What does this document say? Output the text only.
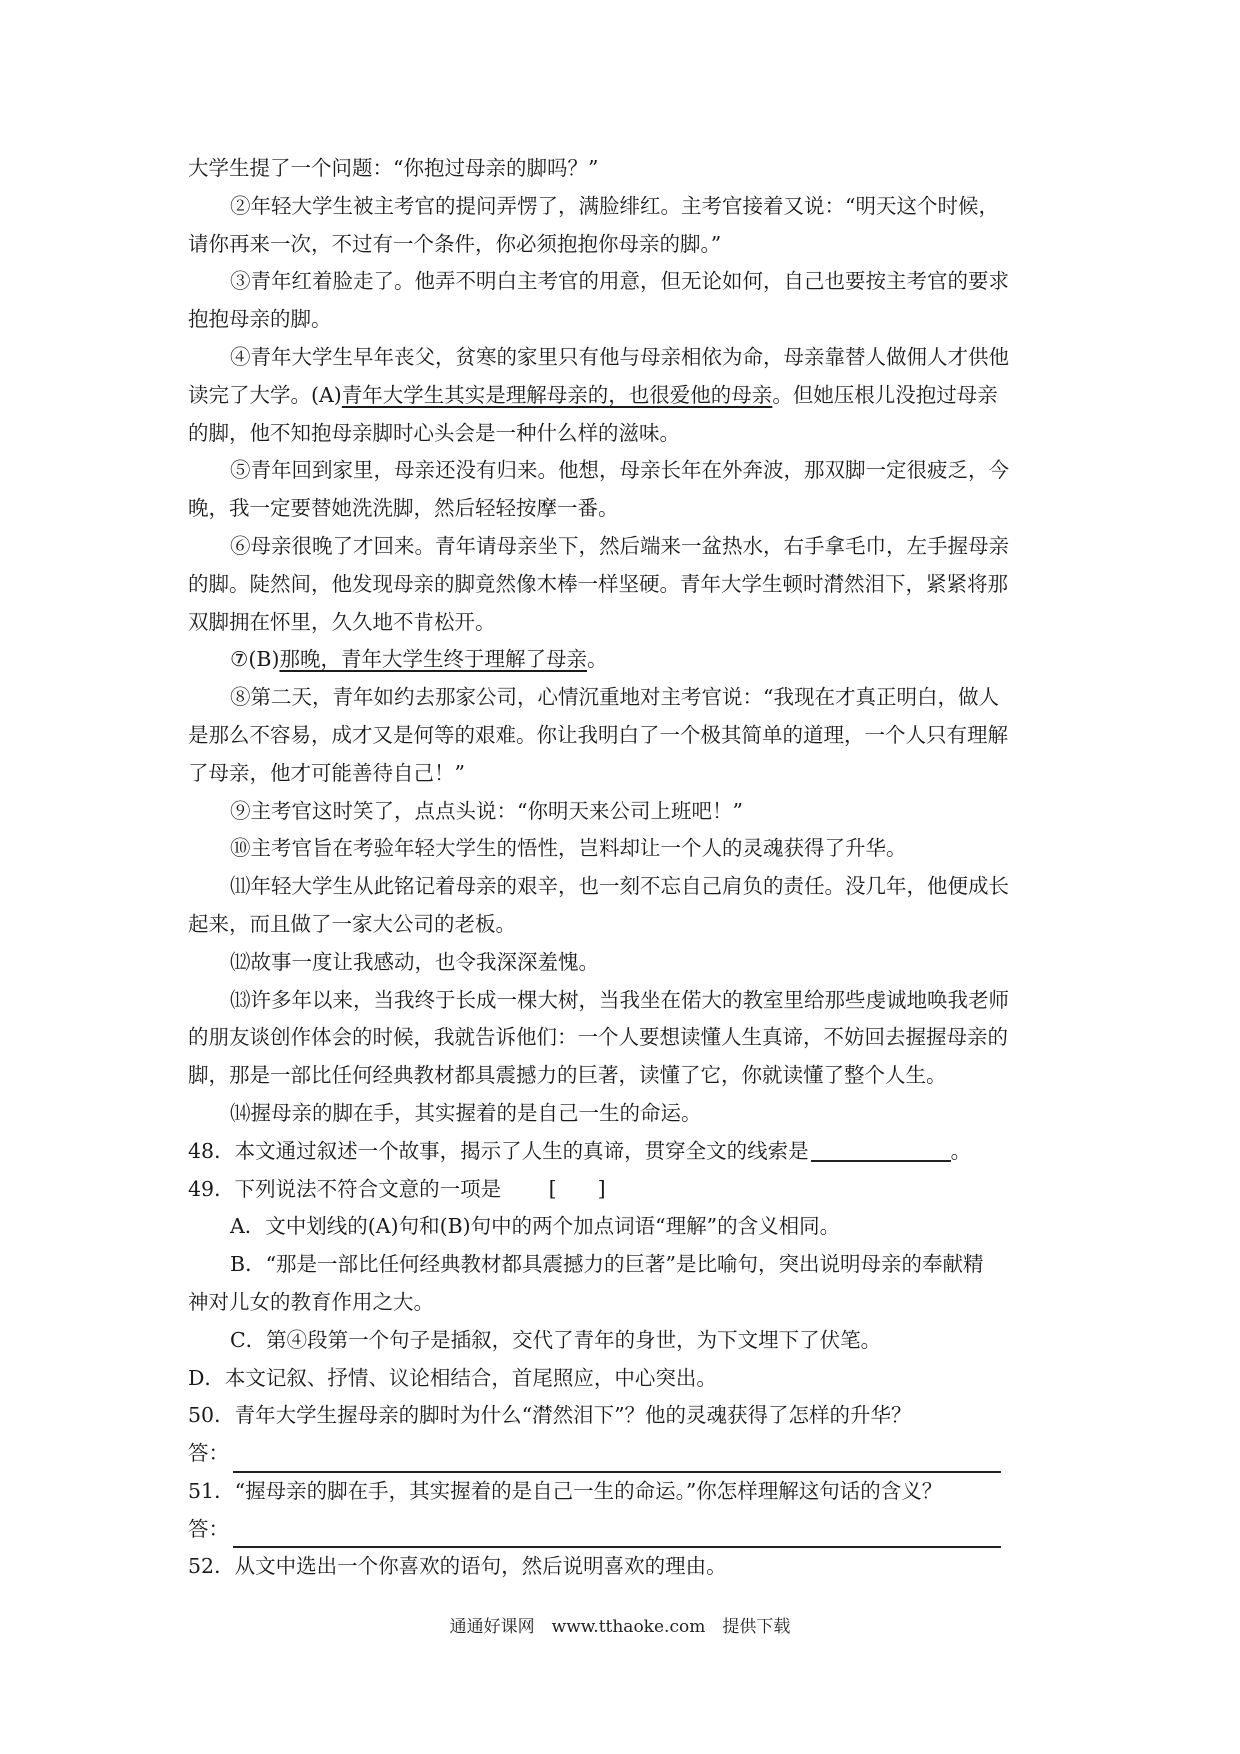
大学生提了一个问题：“你抱过母亲的脚吗？”
②年轻大学生被主考官的提问弄愣了，满脸绯红。主考官接着又说：“明天这个时候，
请你再来一次，不过有一个条件，你必须抱抱你母亲的脚。”
③青年红着脸走了。他弄不明白主考官的用意，但无论如何，自己也要按主考官的要求
抱抱母亲的脚。
④青年大学生早年丧父，贫寒的家里只有他与母亲相依为命，母亲靠替人做佣人才供他
读完了大学。(A)青年大学生其实是理解母亲的，也很爱他的母亲。但她压根儿没抱过母亲
的脚，他不知抱母亲脚时心头会是一种什么样的滋味。
⑤青年回到家里，母亲还没有归来。他想，母亲长年在外奔波，那双脚一定很疲乏，今
晚，我一定要替她洗洗脚，然后轻轻按摩一番。
⑥母亲很晚了才回来。青年请母亲坐下，然后端来一盆热水，右手拿毛巾，左手握母亲
的脚。陡然间，他发现母亲的脚竟然像木棒一样坚硬。青年大学生顿时潸然泪下，紧紧将那
双脚拥在怀里，久久地不肯松开。
⑦(B)那晚，青年大学生终于理解了母亲。
⑧第二天，青年如约去那家公司，心情沉重地对主考官说：“我现在才真正明白，做人
是那么不容易，成才又是何等的艰难。你让我明白了一个极其简单的道理，一个人只有理解
了母亲，他才可能善待自己！”
⑨主考官这时笑了，点点头说：“你明天来公司上班吧！”
⑩主考官旨在考验年轻大学生的悟性，岂料却让一个人的灵魂获得了升华。
⑾年轻大学生从此铭记着母亲的艰辛，也一刻不忘自己肩负的责任。没几年，他便成长
起来，而且做了一家大公司的老板。
⑿故事一度让我感动，也令我深深羞愧。
⒀许多年以来，当我终于长成一棵大树，当我坐在偌大的教室里给那些虔诚地唤我老师
的朋友谈创作体会的时候，我就告诉他们：一个人要想读懂人生真谛，不妨回去握握母亲的
脚，那是一部比任何经典教材都具震撼力的巨著，读懂了它，你就读懂了整个人生。
⒁握母亲的脚在手，其实握着的是自己一生的命运。
48．本文通过叙述一个故事，揭示了人生的真谛，贯穿全文的线索是	。
49．下列说法不符合文意的一项是　　 [　　]
A．文中划线的(A)句和(B)句中的两个加点词语“理解”的含义相同。
B．“那是一部比任何经典教材都具震撼力的巨著”是比喻句，突出说明母亲的奉献精
神对儿女的教育作用之大。
C．第④段第一个句子是插叙，交代了青年的身世，为下文埋下了伏笔。
D．本文记叙、抒情、议论相结合，首尾照应，中心突出。
50．青年大学生握母亲的脚时为什么“潸然泪下”？他的灵魂获得了怎样的升华？
答：
51．“握母亲的脚在手，其实握着的是自己一生的命运。”你怎样理解这句话的含义？
答：
52．从文中选出一个你喜欢的语句，然后说明喜欢的理由。
通通好课网　www.tthaoke.com　提供下载
